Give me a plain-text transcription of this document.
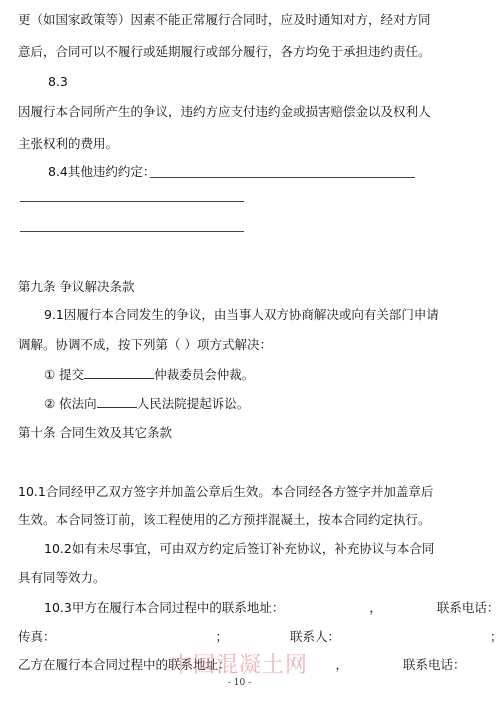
更（如国家政策等）因素不能正常履行合同时，应及时通知对方，经对方同
意后，合同可以不履行或延期履行或部分履行，各方均免于承担违约责任。
8.3
因履行本合同所产生的争议，违约方应支付违约金或损害赔偿金以及权利人
主张权利的费用。
8.4其他违约约定：
第九条 争议解决条款
9.1因履行本合同发生的争议，由当事人双方协商解决或向有关部门申请
调解。协调不成，按下列第（ ）项方式解决：
① 提交	仲裁委员会仲裁。
② 依法向	人民法院提起诉讼。
第十条 合同生效及其它条款
10.1合同经甲乙双方签字并加盖公章后生效。本合同经各方签字并加盖章后
生效。本合同签订前，该工程使用的乙方预拌混凝土，按本合同约定执行。
10.2如有未尽事宜，可由双方约定后签订补充协议，补充协议与本合同
具有同等效力。
10.3甲方在履行本合同过程中的联系地址：	，	联系电话：
传真：	；	联系人：	；
乙方在履行本合同过程中的联系地址：	，	联系电话：
中国混凝土网
- 10 -
